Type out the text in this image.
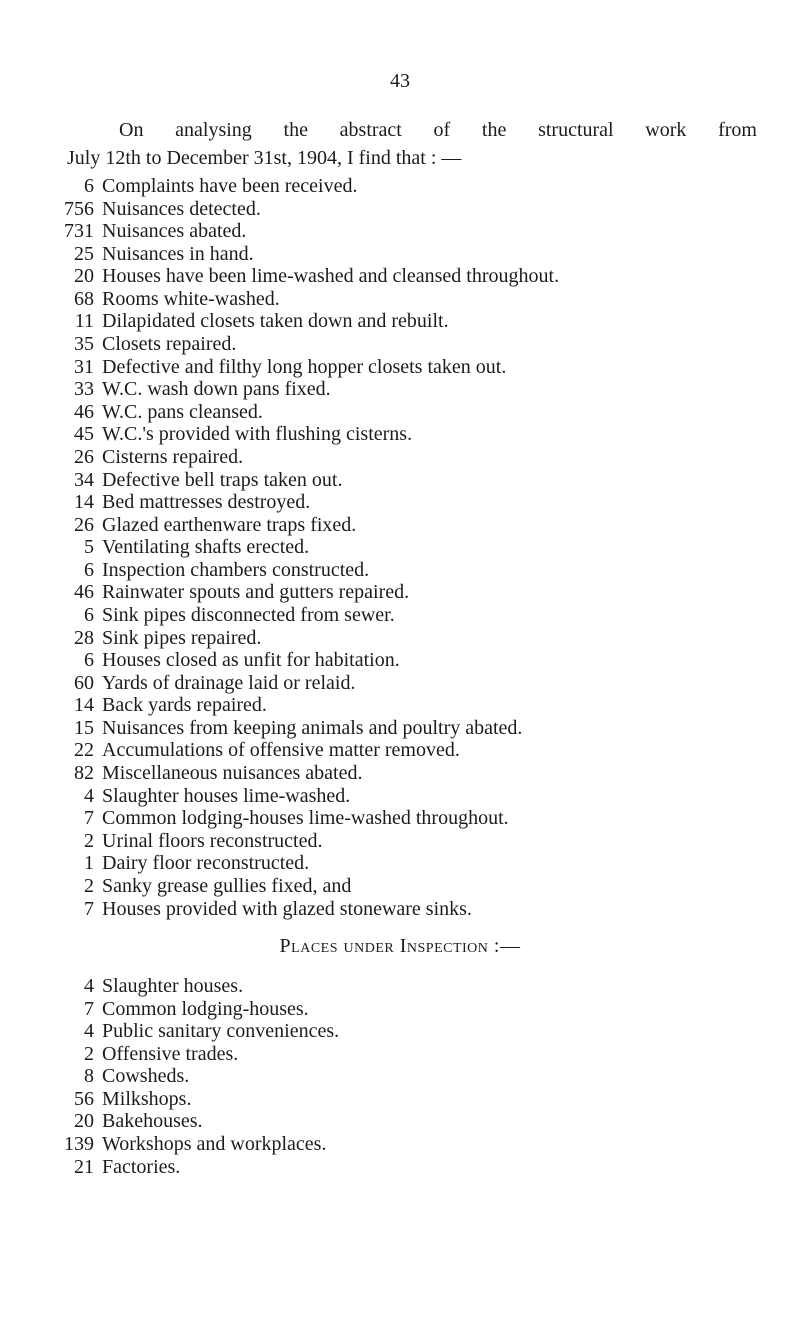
43
On analysing the abstract of the structural work from
July 12th to December 31st, 1904, I find that : —
6 Complaints have been received.
756 Nuisances detected.
731 Nuisances abated.
25 Nuisances in hand.
20 Houses have been lime-washed and cleansed throughout.
68 Rooms white-washed.
11 Dilapidated closets taken down and rebuilt.
35 Closets repaired.
31 Defective and filthy long hopper closets taken out.
33 W.C. wash down pans fixed.
46 W.C. pans cleansed.
45 W.C.'s provided with flushing cisterns.
26 Cisterns repaired.
34 Defective bell traps taken out.
14 Bed mattresses destroyed.
26 Glazed earthenware traps fixed.
5 Ventilating shafts erected.
6 Inspection chambers constructed.
46 Rainwater spouts and gutters repaired.
6 Sink pipes disconnected from sewer.
28 Sink pipes repaired.
6 Houses closed as unfit for habitation.
60 Yards of drainage laid or relaid.
14 Back yards repaired.
15 Nuisances from keeping animals and poultry abated.
22 Accumulations of offensive matter removed.
82 Miscellaneous nuisances abated.
4 Slaughter houses lime-washed.
7 Common lodging-houses lime-washed throughout.
2 Urinal floors reconstructed.
1 Dairy floor reconstructed.
2 Sanky grease gullies fixed, and
7 Houses provided with glazed stoneware sinks.
Places under Inspection :—
4 Slaughter houses.
7 Common lodging-houses.
4 Public sanitary conveniences.
2 Offensive trades.
8 Cowsheds.
56 Milkshops.
20 Bakehouses.
139 Workshops and workplaces.
21 Factories.
